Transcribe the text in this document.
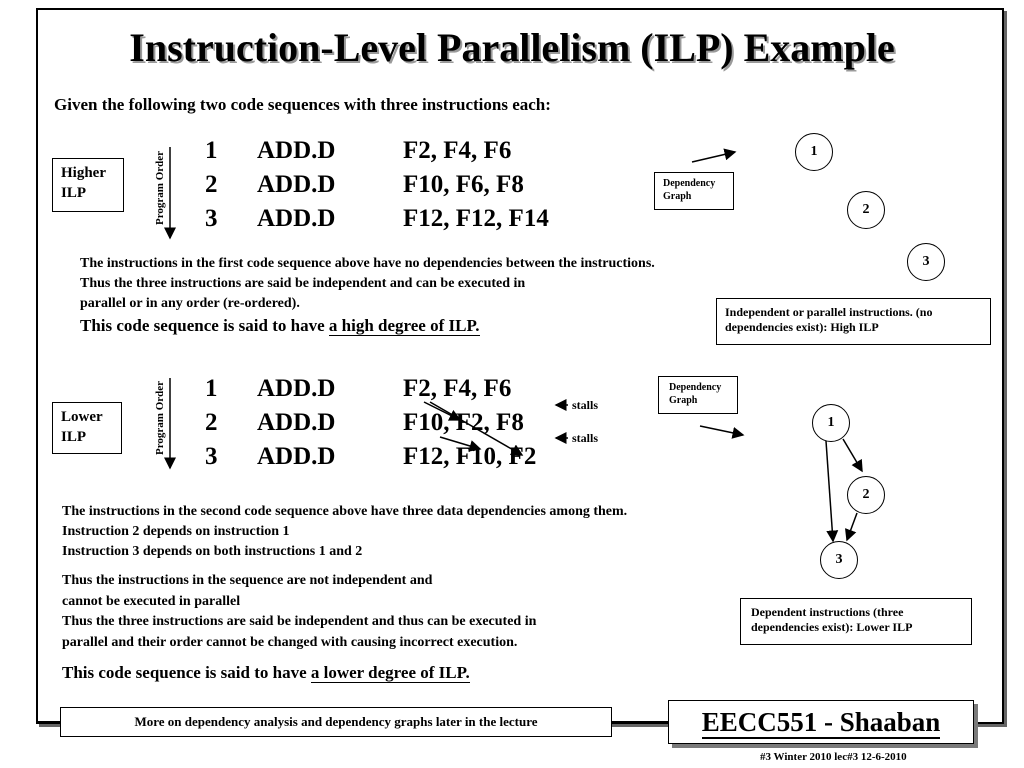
Instruction-Level Parallelism (ILP) Example
Given the following two code sequences with three instructions each:
Higher
ILP	Program Order
1 ADD.D	F2, F4, F6
2 ADD.D	F10, F6, F8
3 ADD.D	F12, F12, F14
Dependency
Graph
1
2
3
The instructions in the first code sequence above have no dependencies between the instructions.
Thus the three instructions are said be independent and can be executed in
parallel or in any order (re-ordered).
This code sequence is said to have a high degree of ILP.
Independent or parallel instructions. (no dependencies exist): High ILP
Lower
ILP	Program Order 1 ADD.D	F2, F4, F6
2 ADD.D	F10, F2, F8
3 ADD.D	F12, F10, F2
stalls
stalls
Dependency
Graph
1
2
3
The instructions in the second code sequence above have three data dependencies among them.
Instruction 2 depends on instruction 1
Instruction 3 depends on both instructions 1 and 2
Thus the instructions in the sequence are not independent and
cannot be executed in parallel
Thus the three instructions are said be independent and thus can be executed in
parallel and their order cannot be changed with causing incorrect execution.
This code sequence is said to have a lower degree of ILP.
Dependent instructions (three dependencies exist): Lower ILP
More on dependency analysis and dependency graphs later in the lecture	EECC551 - Shaaban
#3 Winter 2010 lec#3 12-6-2010
